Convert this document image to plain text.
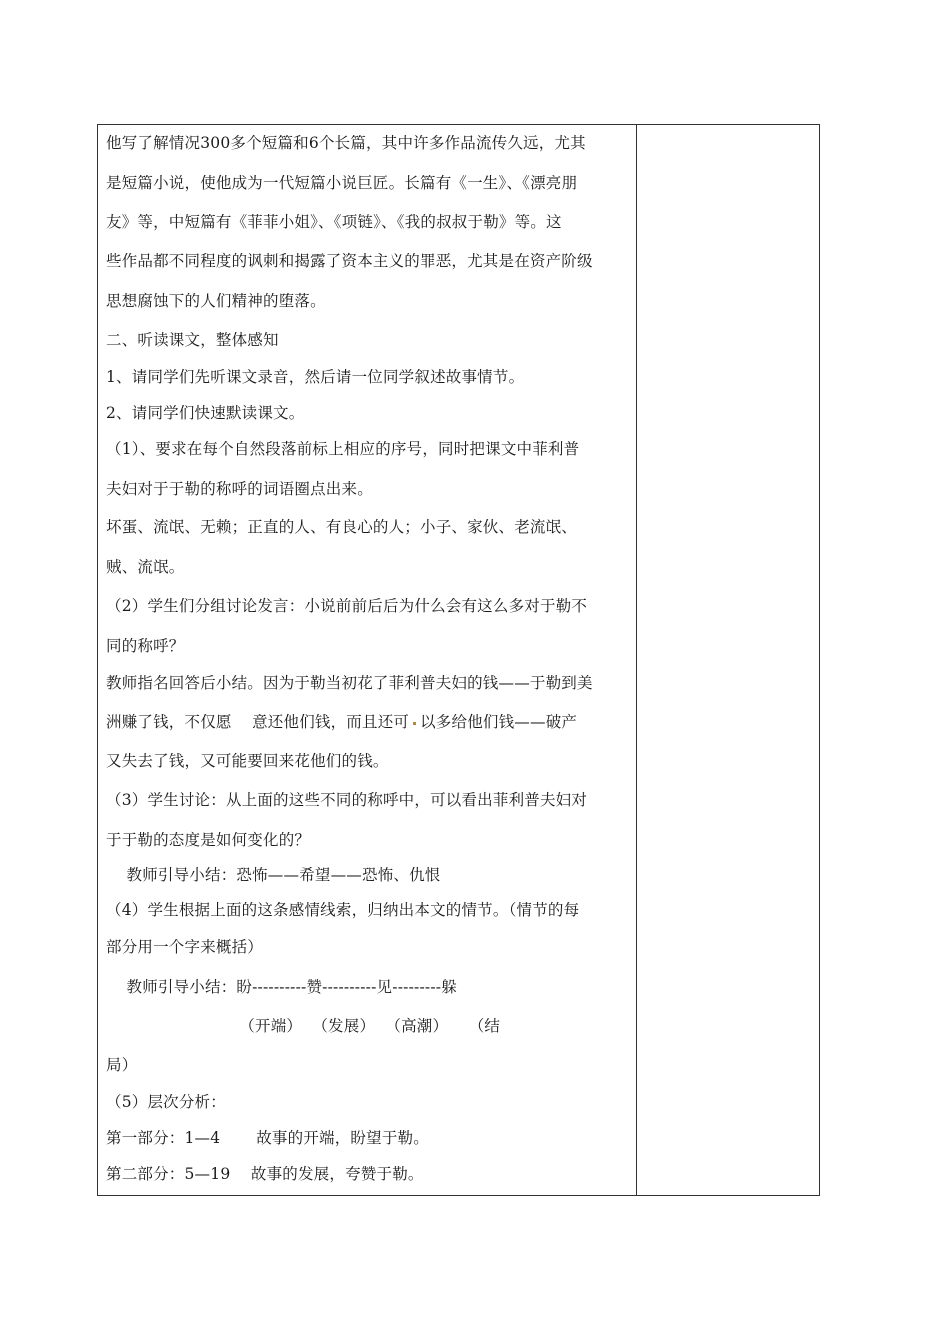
他写了解情况300多个短篇和6个长篇，其中许多作品流传久远，尤其
是短篇小说，使他成为一代短篇小说巨匠。长篇有《一生》、《漂亮朋
友》等，中短篇有《菲菲小姐》、《项链》、《我的叔叔于勒》等。这
些作品都不同程度的讽刺和揭露了资本主义的罪恶，尤其是在资产阶级
思想腐蚀下的人们精神的堕落。
二、听读课文，整体感知
1、请同学们先听课文录音，然后请一位同学叙述故事情节。
2、请同学们快速默读课文。
（1）、要求在每个自然段落前标上相应的序号，同时把课文中菲利普
夫妇对于于勒的称呼的词语圈点出来。
坏蛋、流氓、无赖；正直的人、有良心的人；小子、家伙、老流氓、
贼、流氓。
（2）学生们分组讨论发言：小说前前后后为什么会有这么多对于勒不
同的称呼？
教师指名回答后小结。因为于勒当初花了菲利普夫妇的钱——于勒到美
洲赚了钱，不仅愿    意还他们钱，而且还可 以多给他们钱——破产
又失去了钱，又可能要回来花他们的钱。
（3）学生讨论：从上面的这些不同的称呼中，可以看出菲利普夫妇对
于于勒的态度是如何变化的？
教师引导小结：恐怖——希望——恐怖、仇恨
（4）学生根据上面的这条感情线索，归纳出本文的情节。（情节的每
部分用一个字来概括）
教师引导小结：盼----------赞----------见---------躲
（开端）  （发展）  （高潮）    （结
局）
（5）层次分析：
第一部分：1—4       故事的开端，盼望于勒。
第二部分：5—19    故事的发展，夸赞于勒。
